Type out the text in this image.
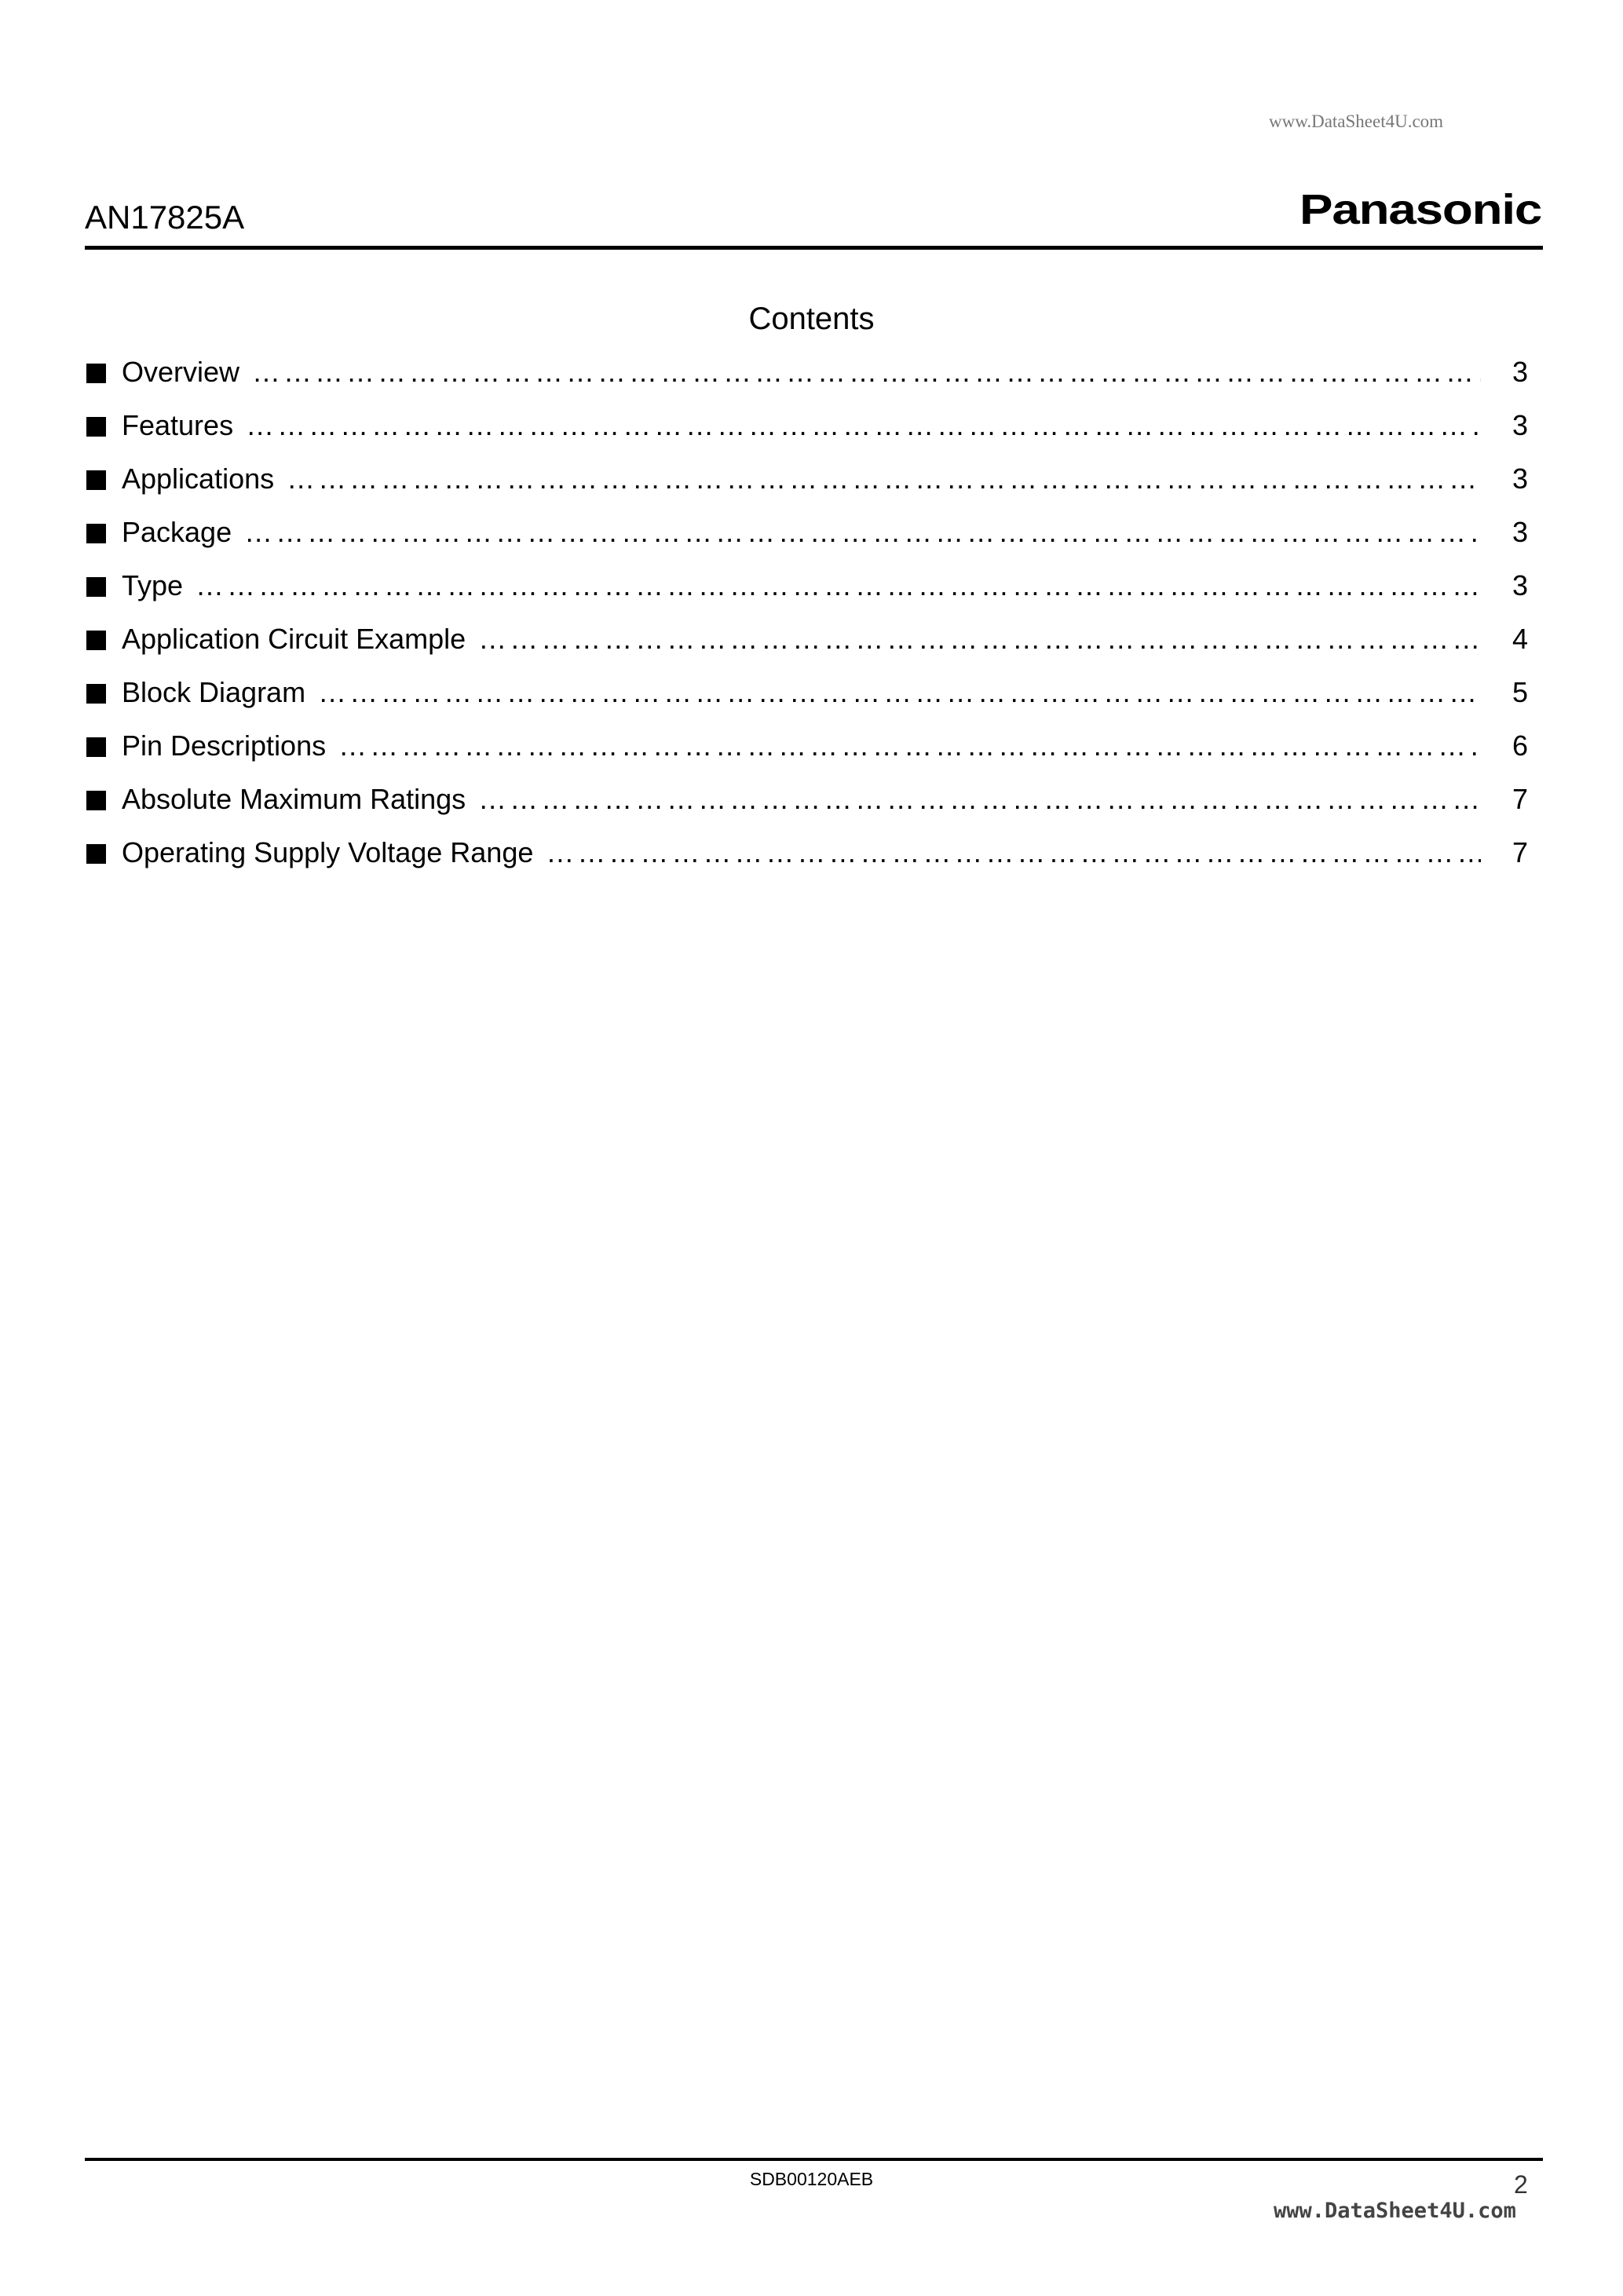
www.DataSheet4U.com
AN17825A	Panasonic
Contents
Overview ……………………………………………………………………………………………………………………………………………………………………………………………………………………………………	3
Features ……………………………………………………………………………………………………………………………………………………………………………………………………………………………………	3
Applications ……………………………………………………………………………………………………………………………………………………………………………………………………………………………………	3
Package ……………………………………………………………………………………………………………………………………………………………………………………………………………………………………	3
Type ……………………………………………………………………………………………………………………………………………………………………………………………………………………………………	3
Application Circuit Example ……………………………………………………………………………………………………………………………………………………………………………………………………………………………………	4
Block Diagram ……………………………………………………………………………………………………………………………………………………………………………………………………………………………………	5
Pin Descriptions ……………………………………………………………………………………………………………………………………………………………………………………………………………………………………	6
Absolute Maximum Ratings ……………………………………………………………………………………………………………………………………………………………………………………………………………………………………	7
Operating Supply Voltage Range ……………………………………………………………………………………………………………………………………………………………………………………………………………………………………	7
SDB00120AEB	2
www.DataSheet4U.com
